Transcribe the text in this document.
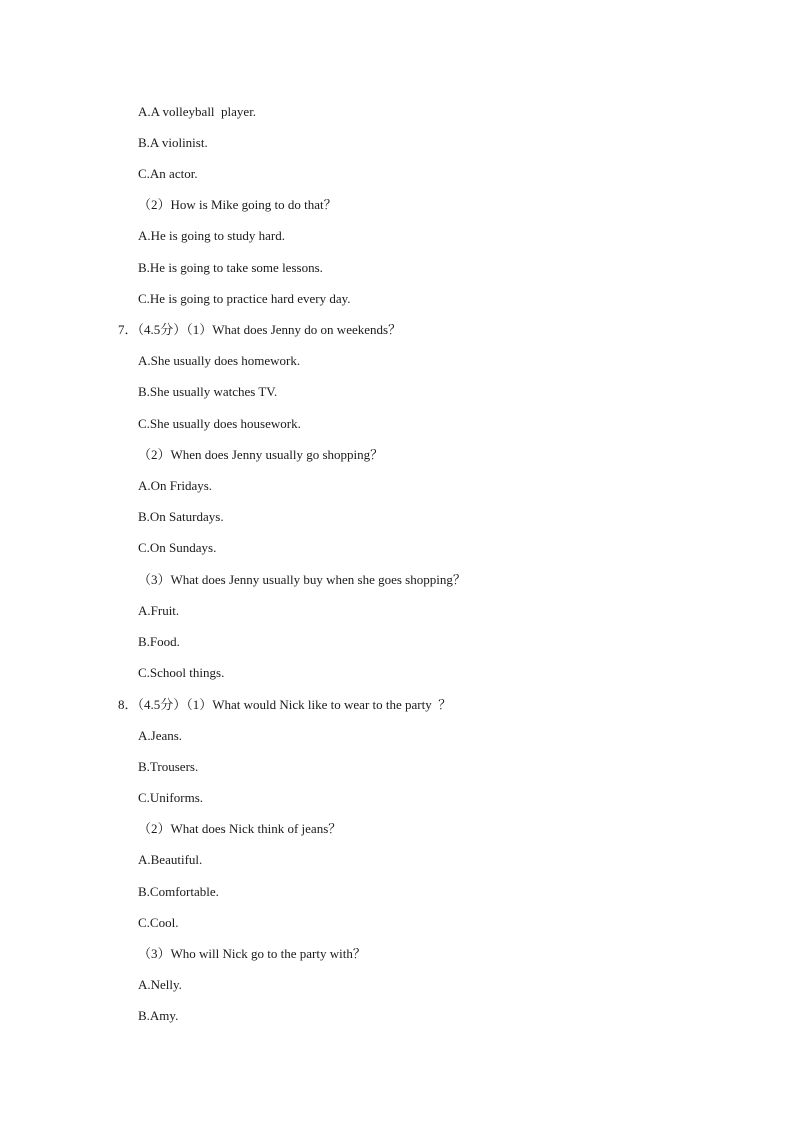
A.A volleyball  player.
B.A violinist.
C.An actor.
（2）How is Mike going to do that？
A.He is going to study hard.
B.He is going to take some lessons.
C.He is going to practice hard every day.
7．（4.5分）（1）What does Jenny do on weekends？
A.She usually does homework.
B.She usually watches TV.
C.She usually does housework.
（2）When does Jenny usually go shopping？
A.On Fridays.
B.On Saturdays.
C.On Sundays.
（3）What does Jenny usually buy when she goes shopping？
A.Fruit.
B.Food.
C.School things.
8．（4.5分）（1）What would Nick like to wear to the party  ？
A.Jeans.
B.Trousers.
C.Uniforms.
（2）What does Nick think of jeans？
A.Beautiful.
B.Comfortable.
C.Cool.
（3）Who will Nick go to the party with？
A.Nelly.
B.Amy.
